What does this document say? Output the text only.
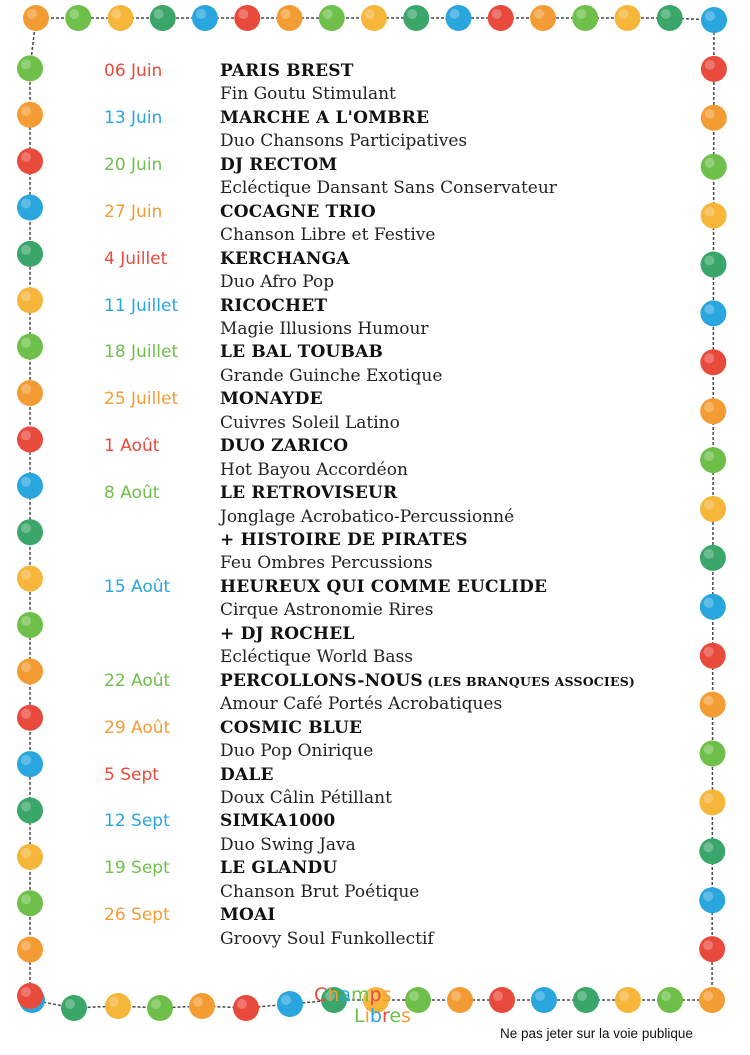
06 Juin	PARIS BREST
Fin Goutu Stimulant
13 Juin	MARCHE A L'OMBRE
Duo Chansons Participatives
20 Juin	DJ RECTOM
Ecléctique Dansant Sans Conservateur
27 Juin	COCAGNE TRIO
Chanson Libre et Festive
4 Juillet	KERCHANGA
Duo Afro Pop
11 Juillet RICOCHET
Magie Illusions Humour
18 Juillet LE BAL TOUBAB
Grande Guinche Exotique
25 Juillet MONAYDE
Cuivres Soleil Latino
1 Août	DUO ZARICO
Hot Bayou Accordéon
8 Août	LE RETROVISEUR
Jonglage Acrobatico-Percussionné
+ HISTOIRE DE PIRATES
Feu Ombres Percussions
15 Août	HEUREUX QUI COMME EUCLIDE
Cirque Astronomie Rires
+ DJ ROCHEL
Ecléctique World Bass
22 Août	PERCOLLONS-NOUS (LES BRANQUES ASSOCIES)
Amour Café Portés Acrobatiques
29 Août	COSMIC BLUE
Duo Pop Onirique
5 Sept	DALE
Doux Câlin Pétillant
12 Sept	SIMKA1000
Duo Swing Java
19 Sept	LE GLANDU
Chanson Brut Poétique
26 Sept	MOAI
Groovy Soul Funkollectif
Champs
Libres
Ne pas jeter sur la voie publique
